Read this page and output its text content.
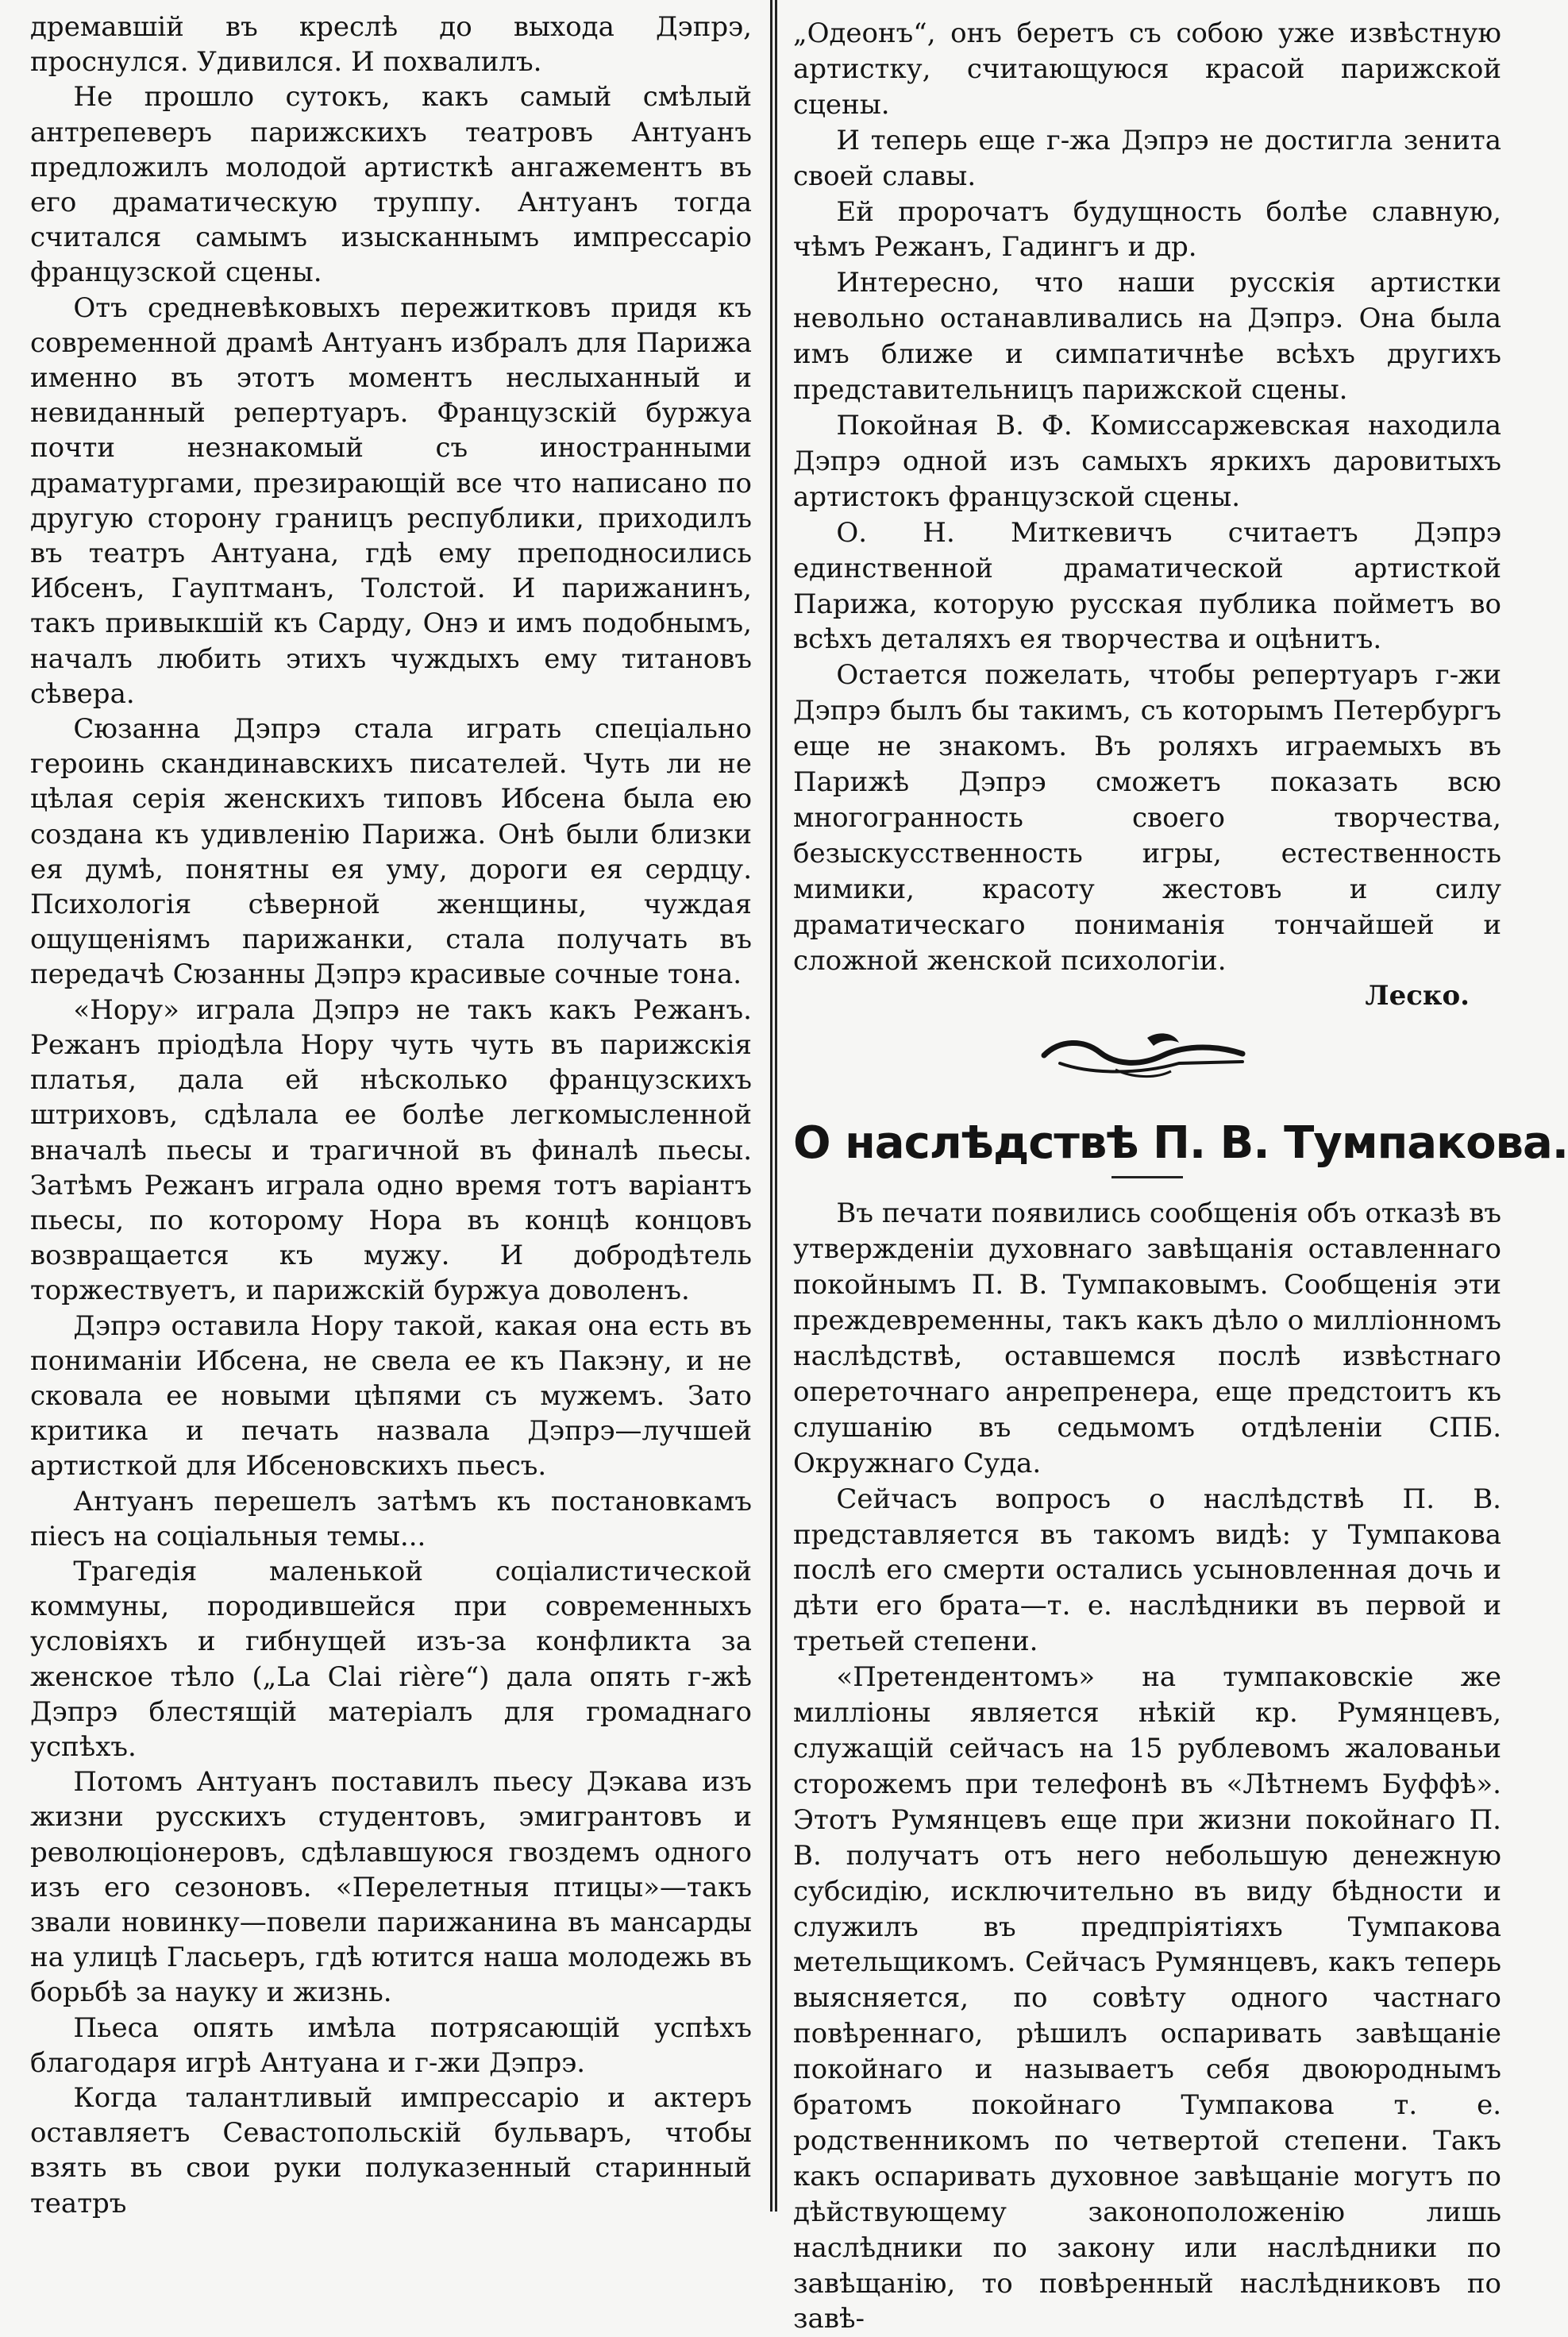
дремавшій въ креслѣ до выхода Дэпрэ, проснулся. Удивился. И похвалилъ.

Не прошло сутокъ, какъ самый смѣлый антрепеверъ парижскихъ театровъ Антуанъ предложилъ молодой артисткѣ ангажементъ въ его драматическую труппу. Антуанъ тогда считался самымъ изысканнымъ импрессаріо французской сцены.

Отъ средневѣковыхъ пережитковъ придя къ современной драмѣ Антуанъ избралъ для Парижа именно въ этотъ моментъ неслыханный и невиданный репертуаръ. Французскій буржуа почти незнакомый съ иностранными драматургами, презирающій все что написано по другую сторону границъ республики, приходилъ въ театръ Антуана, гдѣ ему преподносились Ибсенъ, Гауптманъ, Толстой. И парижанинъ, такъ привыкшій къ Сарду, Онэ и имъ подобнымъ, началъ любить этихъ чуждыхъ ему титановъ сѣвера.

Сюзанна Дэпрэ стала играть спеціально героинь скандинавскихъ писателей. Чуть ли не цѣлая серія женскихъ типовъ Ибсена была ею создана къ удивленію Парижа. Онѣ были близки ея думѣ, понятны ея уму, дороги ея сердцу. Психологія сѣверной женщины, чуждая ощущеніямъ парижанки, стала получать въ передачѣ Сюзанны Дэпрэ красивые сочные тона.

«Нору» играла Дэпрэ не такъ какъ Режанъ. Режанъ пріодѣла Нору чуть чуть въ парижскія платья, дала ей нѣсколько французскихъ штриховъ, сдѣлала ее болѣе легкомысленной вначалѣ пьесы и трагичной въ финалѣ пьесы. Затѣмъ Режанъ играла одно время тотъ варіантъ пьесы, по которому Нора въ концѣ концовъ возвращается къ мужу. И добродѣтель торжествуетъ, и парижскій буржуа доволенъ.

Дэпрэ оставила Нору такой, какая она есть въ пониманіи Ибсена, не свела ее къ Пакэну, и не сковала ее новыми цѣпями съ мужемъ. Зато критика и печать назвала Дэпрэ—лучшей артисткой для Ибсеновскихъ пьесъ.

Антуанъ перешелъ затѣмъ къ постановкамъ піесъ на соціальныя темы...

Трагедія маленькой соціалистической коммуны, породившейся при современныхъ условіяхъ и гибнущей изъ-за конфликта за женское тѣло („La Clai rière“) дала опять г-жѣ Дэпрэ блестящій матеріалъ для громаднаго успѣхъ.

Потомъ Антуанъ поставилъ пьесу Дэкава изъ жизни русскихъ студентовъ, эмигрантовъ и революціонеровъ, сдѣлавшуюся гвоздемъ одного изъ его сезоновъ. «Перелетныя птицы»—такъ звали новинку—повели парижанина въ мансарды на улицѣ Гласьеръ, гдѣ ютится наша молодежь въ борьбѣ за науку и жизнь.

Пьеса опять имѣла потрясающій успѣхъ благодаря игрѣ Антуана и г-жи Дэпрэ.

Когда талантливый импрессаріо и актеръ оставляетъ Севастопольскій бульваръ, чтобы взять въ свои руки полуказенный старинный театръ

„Одеонъ“, онъ беретъ съ собою уже извѣстную артистку, считающуюся красой парижской сцены.

И теперь еще г-жа Дэпрэ не достигла зенита своей славы.

Ей пророчатъ будущность болѣе славную, чѣмъ Режанъ, Гадингъ и др.

Интересно, что наши русскія артистки невольно останавливались на Дэпрэ. Она была имъ ближе и симпатичнѣе всѣхъ другихъ представительницъ парижской сцены.

Покойная В. Ф. Комиссаржевская находила Дэпрэ одной изъ самыхъ яркихъ даровитыхъ артистокъ французской сцены.

О. Н. Миткевичъ считаетъ Дэпрэ единственной драматической артисткой Парижа, которую русская публика пойметъ во всѣхъ деталяхъ ея творчества и оцѣнитъ.

Остается пожелать, чтобы репертуаръ г-жи Дэпрэ былъ бы такимъ, съ которымъ Петербургъ еще не знакомъ. Въ роляхъ играемыхъ въ Парижѣ Дэпрэ сможетъ показать всю многогранность своего творчества, безыскусственность игры, естественность мимики, красоту жестовъ и силу драматическаго пониманія тончайшей и сложной женской психологіи.

Леско.

О наслѣдствѣ П. В. Тумпакова.

Въ печати появились сообщенія объ отказѣ въ утвержденіи духовнаго завѣщанія оставленнаго покойнымъ П. В. Тумпаковымъ. Сообщенія эти преждевременны, такъ какъ дѣло о милліонномъ наслѣдствѣ, оставшемся послѣ извѣстнаго опереточнаго анрепренера, еще предстоитъ къ слушанію въ седьмомъ отдѣленіи СПБ. Окружнаго Суда.

Сейчасъ вопросъ о наслѣдствѣ П. В. представляется въ такомъ видѣ: у Тумпакова послѣ его смерти остались усыновленная дочь и дѣти его брата—т. е. наслѣдники въ первой и третьей степени.

«Претендентомъ» на тумпаковскіе же милліоны является нѣкій кр. Румянцевъ, служащій сейчасъ на 15 рублевомъ жалованьи сторожемъ при телефонѣ въ «Лѣтнемъ Буффѣ». Этотъ Румянцевъ еще при жизни покойнаго П. В. получатъ отъ него небольшую денежную субсидію, исключительно въ виду бѣдности и служилъ въ предпріятіяхъ Тумпакова метельщикомъ. Сейчасъ Румянцевъ, какъ теперь выясняется, по совѣту одного частнаго повѣреннаго, рѣшилъ оспаривать завѣщаніе покойнаго и называетъ себя двоюроднымъ братомъ покойнаго Тумпакова т. е. родственникомъ по четвертой степени. Такъ какъ оспаривать духовное завѣщаніе могутъ по дѣйствующему законоположенію лишь наслѣдники по закону или наслѣдники по завѣщанію, то повѣренный наслѣдниковъ по завѣ-
